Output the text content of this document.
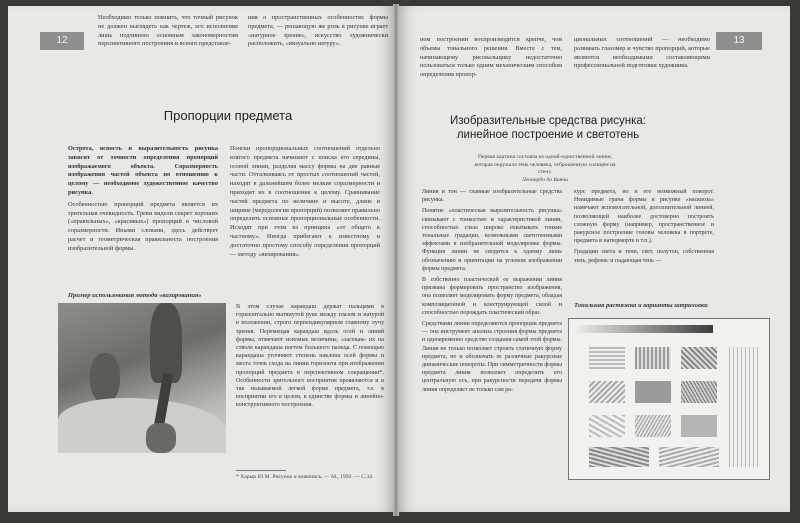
12

Необходимо только помнить, что точный рисунок не должен выглядеть как чертеж, его исполнение лишь подчинено основным закономерностям перспективного построения и ясного представле-

ния о пространственных особенностях формы предмета, — решающую же роль в рисунке играет «натурное зрение», искусство художнически расположить, «визуально натуру».

Пропорции предмета

Острота, ясность и выразительность рисунка зависят от точности определения пропорций изображаемого объекта. Соразмерность изображения частей объекта по отношению к целому — необходимое художественное качество рисунка.

Особенностью пропорций предмета является их зрительная очевидность. Греки видели секрет хороших («правильных», «красивых») пропорций в числовой соразмерности. Иными словами, здесь действует расчет и геометрическая правильность построения изобразительной формы.

Поиски пропорциональных соотношений отдельно взятого предмета начинают с поиска его середины, осевой линии, разделяя массу формы на две равные части. Отталкиваясь от простых соотношений частей, находят в дальнейшем более мелкие соразмерности и приходят их в соотношение к целому. Сравнивание частей предмета по величине и высоте, длине и ширине (меродология пропорций) позволяет правильно определить основные пропорциональные особенности. Исходят при этом из принципа «от общего к частному». Иногда прибегают к известному и достаточно простому способу определения пропорций — методу «визирования».

Пример использования метода «визирования»

В этом случае карандаш держат пальцами в горизонтально вытянутой руке между глазом и натурой в положении, строго перпендикулярном главному лучу зрения. Перемещая карандаш вдоль осей и линий формы, отмечают искомые величины, «засекая» их на стволе карандаша ногтем большого пальца. С помощью карандаша уточняют степень наклона осей формы и места точек схода на линии горизонта при изображении пропорций предмета в перспективном сокращении*. Особенности зрительного восприятия проявляются и в так называемой легкой форме предмета, т.е. в восприятии его в целом, в единстве формы и линейно-конструктивного построения.

* Харыр Ю.М. Рисунок и живопись. — М., 1992. — С.34.
13

ном построении воспроизводится крепче, чем объемы тонального решения. Вместе с тем, начинающему рисовальщику недостаточно пользоваться только одним механическим способом определения пропор-

циональных соотношений — необходимо развивать глазомер и чувство пропорций, которые являются необходимыми составляющими профессиональной подготовки художника.

Изобразительные средства рисунка:
линейное построение и светотень
Первая картина состояла из одной-единственной линии, которая окружала тень человека, отброшенную солнцем на стену.
Леонардо да Винчи

Линия и тон — главные изобразительные средства рисунка.

Понятие «пластическая выразительность рисунка» связывают с тонкостью и характеристикой линии, способностью глаза широко охватывать тонкие тональные градации, возможными светотеневыми эффектами в изобразительной моделировке формы. Функция линии не сводится к одному лишь обозначению и ориентации на угловом изображении формы предмета.

В собственно пластической ее выражении линия призвана формировать пространство изображения, она позволяет моделировать форму предмета, обладая композиционной и конструирующей силой и способностью порождать пластический образ.

Средствами линии определяются пропорции предмета — она инструмент анализа строения формы предмета и одновременно средство создания самой этой формы. Линия не только позволяет строить статичную форму предмета, но и обозначать ее различные ракурсные динамические повороты. При симметричности формы предмета линия позволяет определить его центральную ось, при ракурсности передачи формы линия определяет не только сам ра-

курс предмета, но и его возможный поворот. Невидимые грани формы в рисунке «насквозь» намечают вспомогательной, дополнительной линией, позволяющей наиболее достоверно построить сложную форму (например, пространственное и ракурсное построение головы человека в портрете, предмета в натюрморте и т.п.).

Градации света и тени, свет, полутон, собственная тень, рефлекс и падающая тень —

Тональная растяжка и варианты штриховки
